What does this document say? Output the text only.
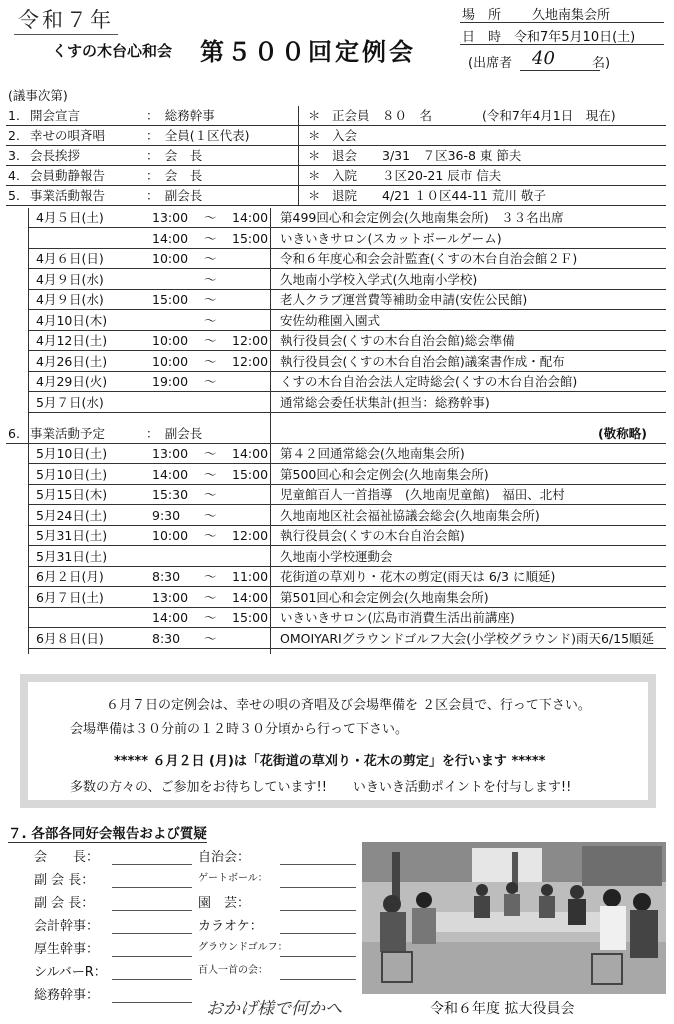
令和７年
くすの木台心和会 第５００回定例会
場　所 久地南集会所
日　時 令和7年5月10日(土)
(出席者 40	名)
(議事次第)
1. 開会宣言	：　総務幹事	＊ 正会員　８０　名	(令和7年4月1日　現在)
2. 幸せの唄斉唱	：　全員(１区代表)	＊ 入会
3. 会長挨拶	：　会　長	＊ 退会　　3/31　７区36-8 東 節夫
4. 会員動静報告	：　会　長	＊ 入院　　３区20-21 辰市 信夫
5. 事業活動報告	：　副会長	＊ 退院　　4/21 １０区44-11 荒川 敬子
4月５日(土)	13:00 ～ 14:00 第499回心和会定例会(久地南集会所)　３３名出席
14:00 ～ 15:00 いきいきサロン(スカットボールゲーム)
4月６日(日)	10:00 ～	令和６年度心和会会計監査(くすの木台自治会館２Ｆ)
4月９日(水)	～	久地南小学校入学式(久地南小学校)
4月９日(水)	15:00 ～	老人クラブ運営費等補助金申請(安佐公民館)
4月10日(木)	～	安佐幼稚園入園式
4月12日(土)	10:00 ～ 12:00 執行役員会(くすの木台自治会館)総会準備
4月26日(土)	10:00 ～ 12:00 執行役員会(くすの木台自治会館)議案書作成・配布
4月29日(火)	19:00 ～	くすの木台自治会法人定時総会(くすの木台自治会館)
5月７日(水)	通常総会委任状集計(担当：総務幹事)
6. 事業活動予定	：　副会長	(敬称略)
5月10日(土)	13:00 ～ 14:00 第４２回通常総会(久地南集会所)
5月10日(土)	14:00 ～ 15:00 第500回心和会定例会(久地南集会所)
5月15日(木)	15:30 ～	児童館百人一首指導　(久地南児童館)　福田、北村
5月24日(土)	9:30 ～	久地南地区社会福祉協議会総会(久地南集会所)
5月31日(土)	10:00 ～ 12:00 執行役員会(くすの木台自治会館)
5月31日(土)	久地南小学校運動会
6月２日(月)	8:30 ～ 11:00 花街道の草刈り・花木の剪定(雨天は 6/3 に順延)
6月７日(土)	13:00 ～ 14:00 第501回心和会定例会(久地南集会所)
14:00 ～ 15:00 いきいきサロン(広島市消費生活出前講座)
6月８日(日)	8:30 ～	OMOIYARIグラウンドゴルフ大会(小学校グラウンド)雨天6/15順延
６月７日の定例会は、幸せの唄の斉唱及び会場準備を ２区会員で、行って下さい。
会場準備は３０分前の１２時３０分頃から行って下さい。
***** ６月２日 (月)は「花街道の草刈り・花木の剪定」を行います *****
多数の方々の、ご参加をお待ちしています!!　　いきいき活動ポイントを付与します!!
７. 各部各同好会報告および質疑
会　　長：
副 会 長：
副 会 長：
会計幹事：
厚生幹事：
シルバーR：
総務幹事：
自治会：
ゲートボール：
園　芸：
カラオケ：
グラウンドゴルフ：
百人一首の会：
おかげ様で何かへ	令和６年度 拡大役員会
